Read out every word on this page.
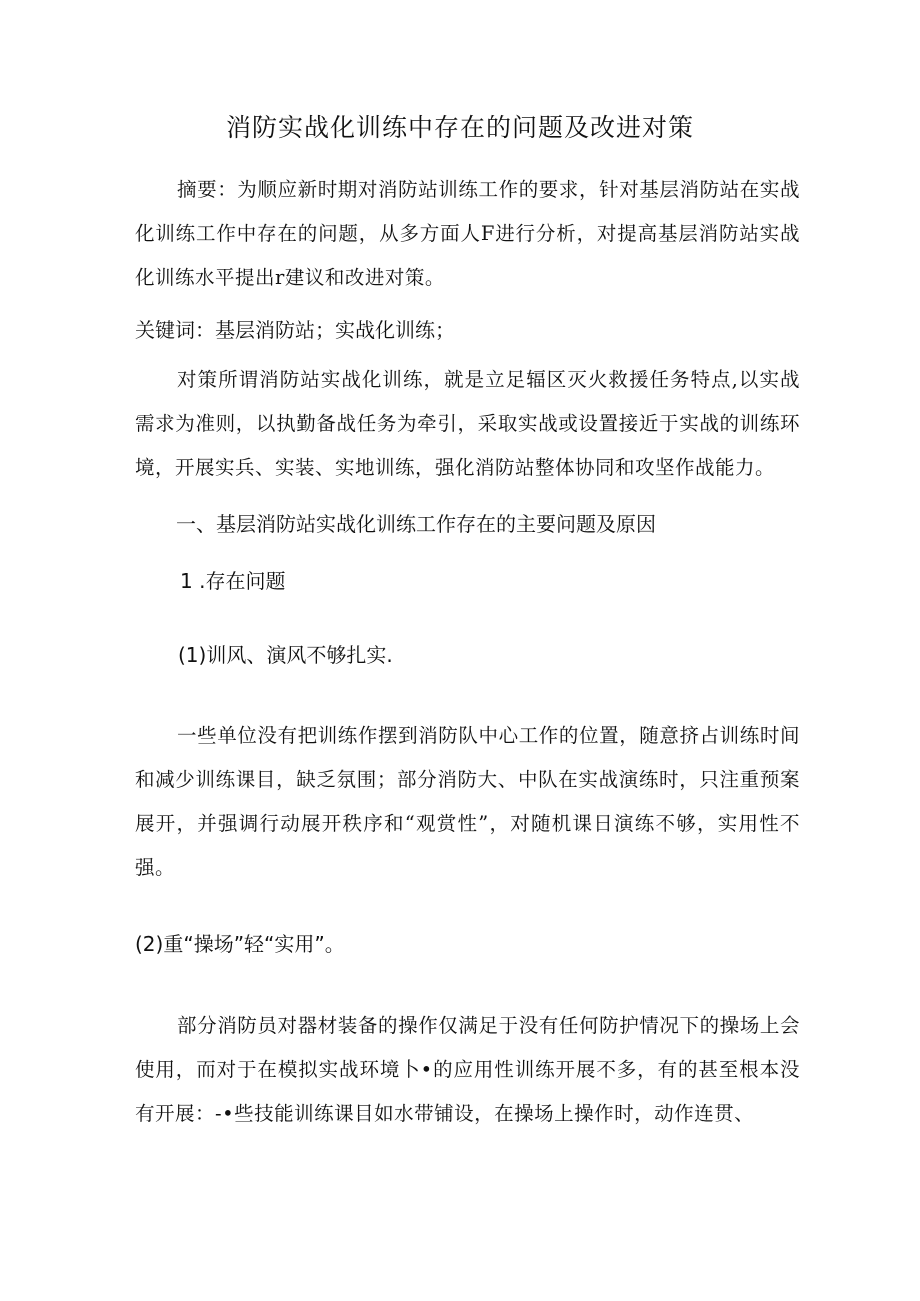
消防实战化训练中存在的问题及改进对策

摘要：为顺应新时期对消防站训练工作的要求，针对基层消防站在实战化训练工作中存在的问题，从多方面人F进行分析，对提高基层消防站实战化训练水平提出r建议和改进对策。

关键词：基层消防站；实战化训练；

对策所谓消防站实战化训练，就是立足辐区灭火救援任务特点,以实战需求为准则，以执勤备战任务为牵引，采取实战或设置接近于实战的训练环境，开展实兵、实装、实地训练，强化消防站整体协同和攻坚作战能力。

一、基层消防站实战化训练工作存在的主要问题及原因
1 .存在问题
(1)训风、演风不够扎实.

一些单位没有把训练作摆到消防队中心工作的位置，随意挤占训练时间和减少训练课目，缺乏氛围；部分消防大、中队在实战演练时，只注重预案展开，并强调行动展开秩序和“观赏性”，对随机课日演练不够，实用性不强。

(2)重“操场”轻“实用”。

部分消防员对器材装备的操作仅满足于没有任何防护情况下的操场上会使用，而对于在模拟实战环境卜•的应用性训练开展不多，有的甚至根本没有开展：-•些技能训练课目如水带铺设，在操场上操作时，动作连贯、
